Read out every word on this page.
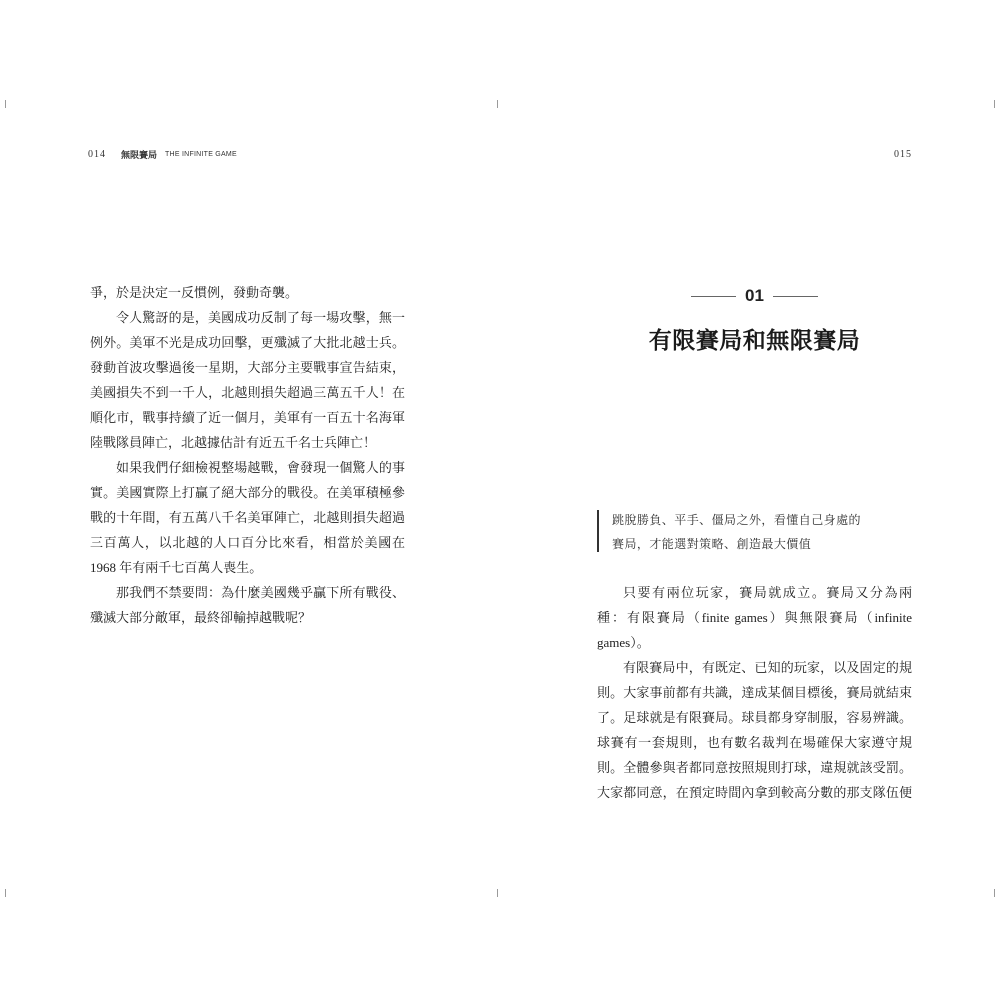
014 無限賽局 THE INFINITE GAME
爭，於是決定一反慣例，發動奇襲。
令人驚訝的是，美國成功反制了每一場攻擊，無一
例外。美軍不光是成功回擊，更殲滅了大批北越士兵。
發動首波攻擊過後一星期，大部分主要戰事宣告結束，
美國損失不到一千人，北越則損失超過三萬五千人！在
順化市，戰事持續了近一個月，美軍有一百五十名海軍
陸戰隊員陣亡，北越據估計有近五千名士兵陣亡！
如果我們仔細檢視整場越戰，會發現一個驚人的事
實。美國實際上打贏了絕大部分的戰役。在美軍積極參
戰的十年間，有五萬八千名美軍陣亡，北越則損失超過
三百萬人，以北越的人口百分比來看，相當於美國在
1968 年有兩千七百萬人喪生。
那我們不禁要問：為什麼美國幾乎贏下所有戰役、
殲滅大部分敵軍，最終卻輸掉越戰呢？
015
01
有限賽局和無限賽局
跳脫勝負、平手、僵局之外，看懂自己身處的
賽局，才能選對策略、創造最大價值
只要有兩位玩家，賽局就成立。賽局又分為兩
種：有限賽局（finite games）與無限賽局（infinite
games）。
有限賽局中，有既定、已知的玩家，以及固定的規
則。大家事前都有共識，達成某個目標後，賽局就結束
了。足球就是有限賽局。球員都身穿制服，容易辨識。
球賽有一套規則，也有數名裁判在場確保大家遵守規
則。全體參與者都同意按照規則打球，違規就該受罰。
大家都同意，在預定時間內拿到較高分數的那支隊伍便
